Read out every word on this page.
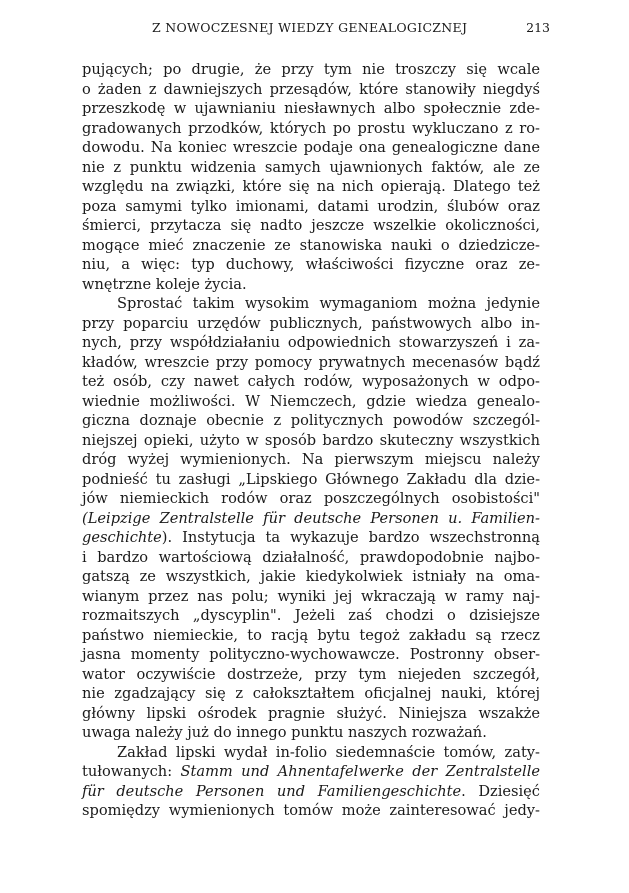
Z NOWOCZESNEJ WIEDZY GENEALOGICZNEJ	213
pujących; po drugie, że przy tym nie troszczy się wcale
o żaden z dawniejszych przesądów, które stanowiły niegdyś
przeszkodę w ujawnianiu niesławnych albo społecznie zde-
gradowanych przodków, których po prostu wykluczano z ro-
dowodu. Na koniec wreszcie podaje ona genealogiczne dane
nie z punktu widzenia samych ujawnionych faktów, ale ze
względu na związki, które się na nich opierają. Dlatego też
poza samymi tylko imionami, datami urodzin, ślubów oraz
śmierci, przytacza się nadto jeszcze wszelkie okoliczności,
mogące mieć znaczenie ze stanowiska nauki o dziedzicze-
niu, a więc: typ duchowy, właściwości fizyczne oraz ze-
wnętrzne koleje życia.
Sprostać takim wysokim wymaganiom można jedynie
przy poparciu urzędów publicznych, państwowych albo in-
nych, przy współdziałaniu odpowiednich stowarzyszeń i za-
kładów, wreszcie przy pomocy prywatnych mecenasów bądź
też osób, czy nawet całych rodów, wyposażonych w odpo-
wiednie możliwości. W Niemczech, gdzie wiedza genealo-
giczna doznaje obecnie z politycznych powodów szczegól-
niejszej opieki, użyto w sposób bardzo skuteczny wszystkich
dróg wyżej wymienionych. Na pierwszym miejscu należy
podnieść tu zasługi „Lipskiego Głównego Zakładu dla dzie-
jów niemieckich rodów oraz poszczególnych osobistości"
(Leipzige Zentralstelle für deutsche Personen u. Familien-
geschichte). Instytucja ta wykazuje bardzo wszechstronną
i bardzo wartościową działalność, prawdopodobnie najbo-
gatszą ze wszystkich, jakie kiedykolwiek istniały na oma-
wianym przez nas polu; wyniki jej wkraczają w ramy naj-
rozmaitszych „dyscyplin". Jeżeli zaś chodzi o dzisiejsze
państwo niemieckie, to racją bytu tegoż zakładu są rzecz
jasna momenty polityczno-wychowawcze. Postronny obser-
wator oczywiście dostrzeże, przy tym niejeden szczegół,
nie zgadzający się z całokształtem oficjalnej nauki, której
główny lipski ośrodek pragnie służyć. Niniejsza wszakże
uwaga należy już do innego punktu naszych rozważań.
Zakład lipski wydał in-folio siedemnaście tomów, zaty-
tułowanych: Stamm und Ahnentafelwerke der Zentralstelle
für deutsche Personen und Familiengeschichte. Dziesięć
spomiędzy wymienionych tomów może zainteresować jedy-
